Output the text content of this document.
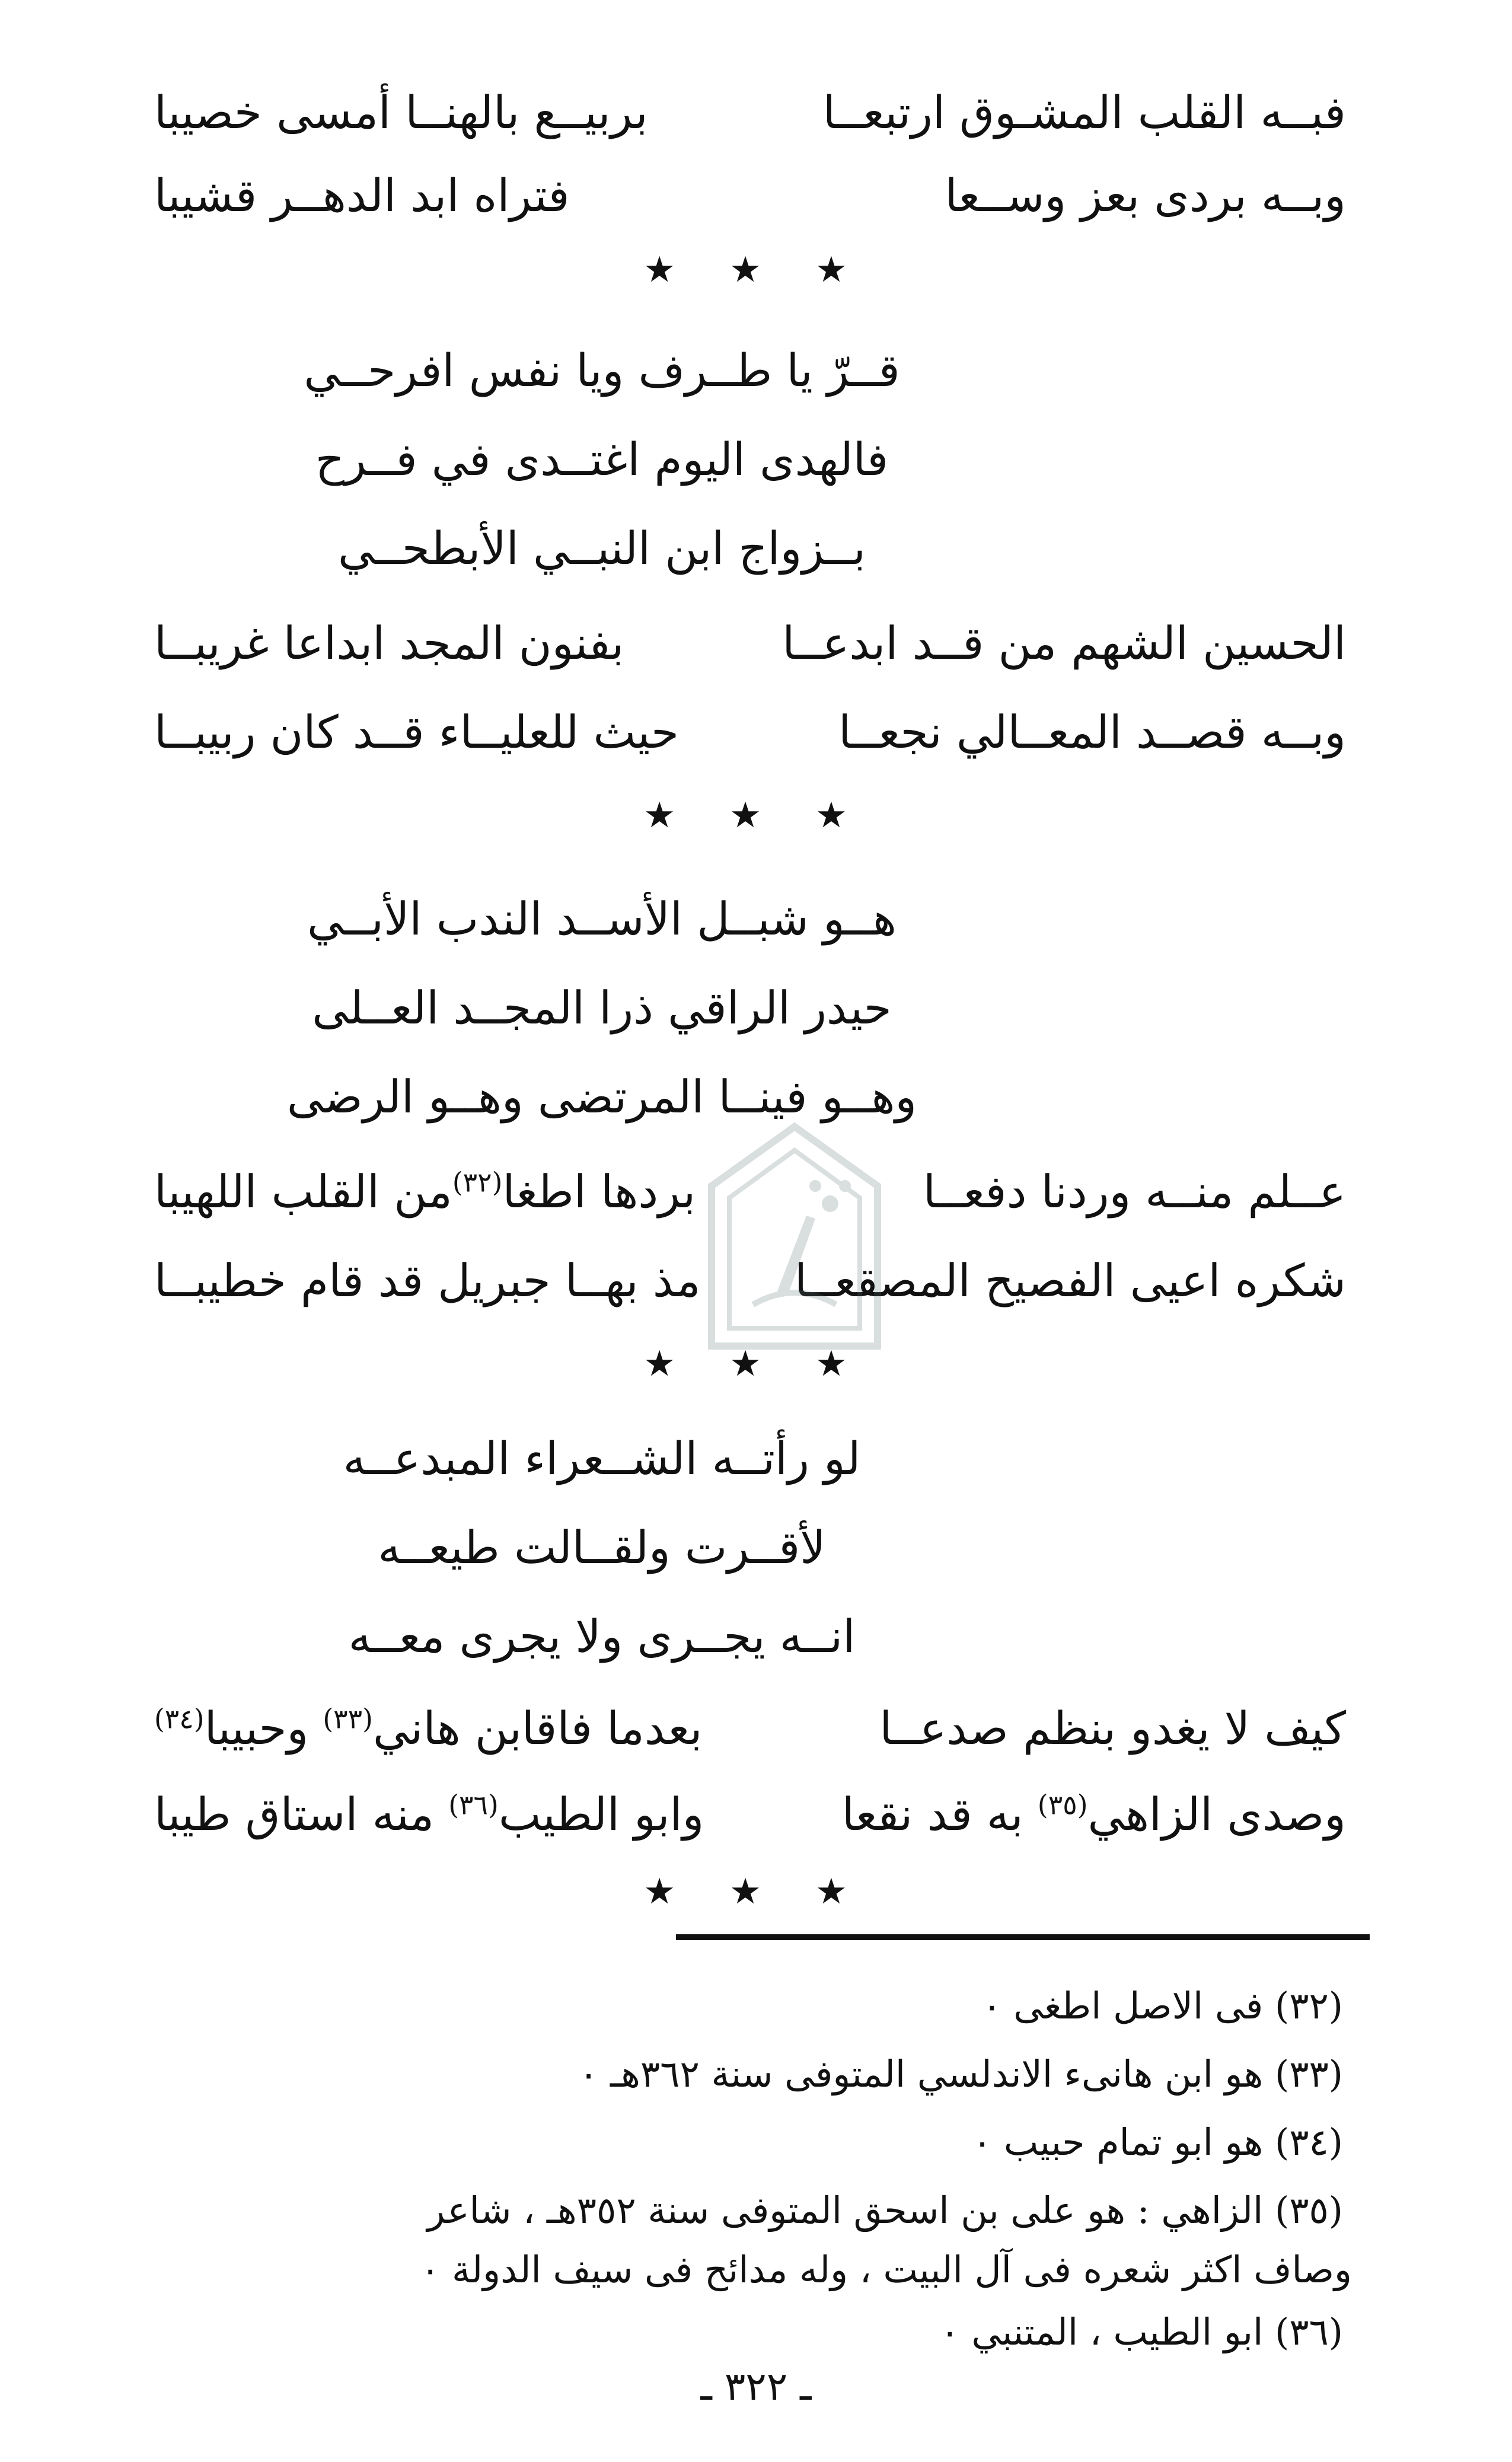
فبــه القلب المشـوق ارتبعــا
بربيــع بالهنــا أمسى خصيبا
وبــه بردى بعز وســعا
فتراه ابد الدهــر قشيبا
★ ★ ★
قــرّ يا طــرف ويا نفس افرحــي
فالهدى اليوم اغتــدى في فــرح
بــزواج ابن النبــي الأبطحــي
الحسين الشهم من قــد ابدعــا
بفنون المجد ابداعا غريبــا
وبــه قصــد المعــالي نجعــا
حيث للعليــاء قــد كان ربيبــا
★ ★ ★
هــو شبــل الأســد الندب الأبــي
حيدر الراقي ذرا المجــد العــلى
وهــو فينــا المرتضى وهــو الرضى
عــلم منــه وردنا دفعــا
بردها اطغا$^{(٣٢)}$من القلب اللهيبا
شكره اعيى الفصيح المصقعــا
مذ بهــا جبريل قد قام خطيبــا
★ ★ ★
لو رأتــه الشــعراء المبدعــه
لأقــرت ولقــالت طيعــه
انــه يجــرى ولا يجرى معــه
كيف لا يغدو بنظم صدعــا
بعدما فاقابن هاني$^{(٣٣)}$ وحبيبا$^{(٣٤)}$
وصدى الزاهي$^{(٣٥)}$ به قد نقعا
وابو الطيب$^{(٣٦)}$ منه استاق طيبا
★ ★ ★
(٣٢) فى الاصل اطغى ٠
(٣٣) هو ابن هانىء الاندلسي المتوفى سنة ٣٦٢هـ ٠
(٣٤) هو ابو تمام حبيب ٠
(٣٥) الزاهي : هو على بن اسحق المتوفى سنة ٣٥٢هـ ، شاعر
وصاف اكثر شعره فى آل البيت ، وله مدائح فى سيف الدولة ٠
(٣٦) ابو الطيب ، المتنبي ٠
ـ ٣٢٢ ـ
